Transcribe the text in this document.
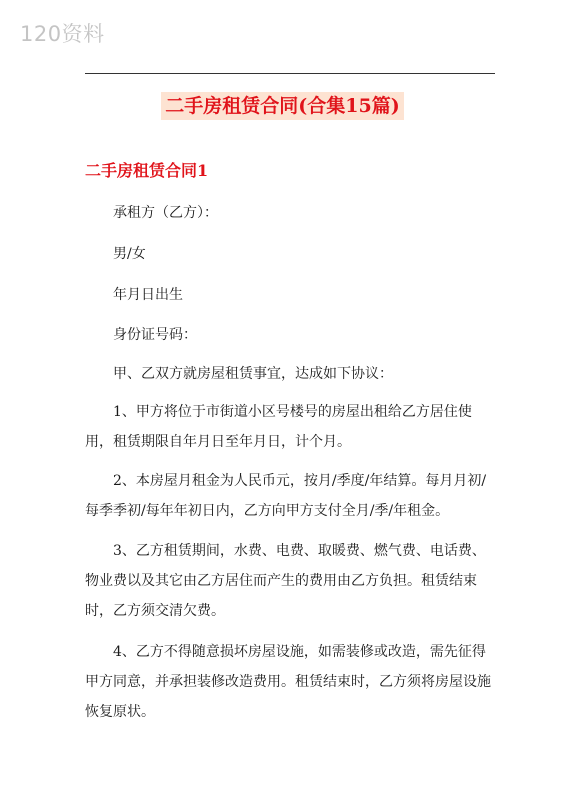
120资料
二手房租赁合同(合集15篇)
二手房租赁合同1

承租方（乙方）：

男/女

年月日出生

身份证号码：

甲、乙双方就房屋租赁事宜，达成如下协议：

1、甲方将位于市街道小区号楼号的房屋出租给乙方居住使用，租赁期限自年月日至年月日，计个月。

2、本房屋月租金为人民币元，按月/季度/年结算。每月月初/每季季初/每年年初日内，乙方向甲方支付全月/季/年租金。

3、乙方租赁期间，水费、电费、取暖费、燃气费、电话费、物业费以及其它由乙方居住而产生的费用由乙方负担。租赁结束时，乙方须交清欠费。

4、乙方不得随意损坏房屋设施，如需装修或改造，需先征得甲方同意，并承担装修改造费用。租赁结束时，乙方须将房屋设施恢复原状。
